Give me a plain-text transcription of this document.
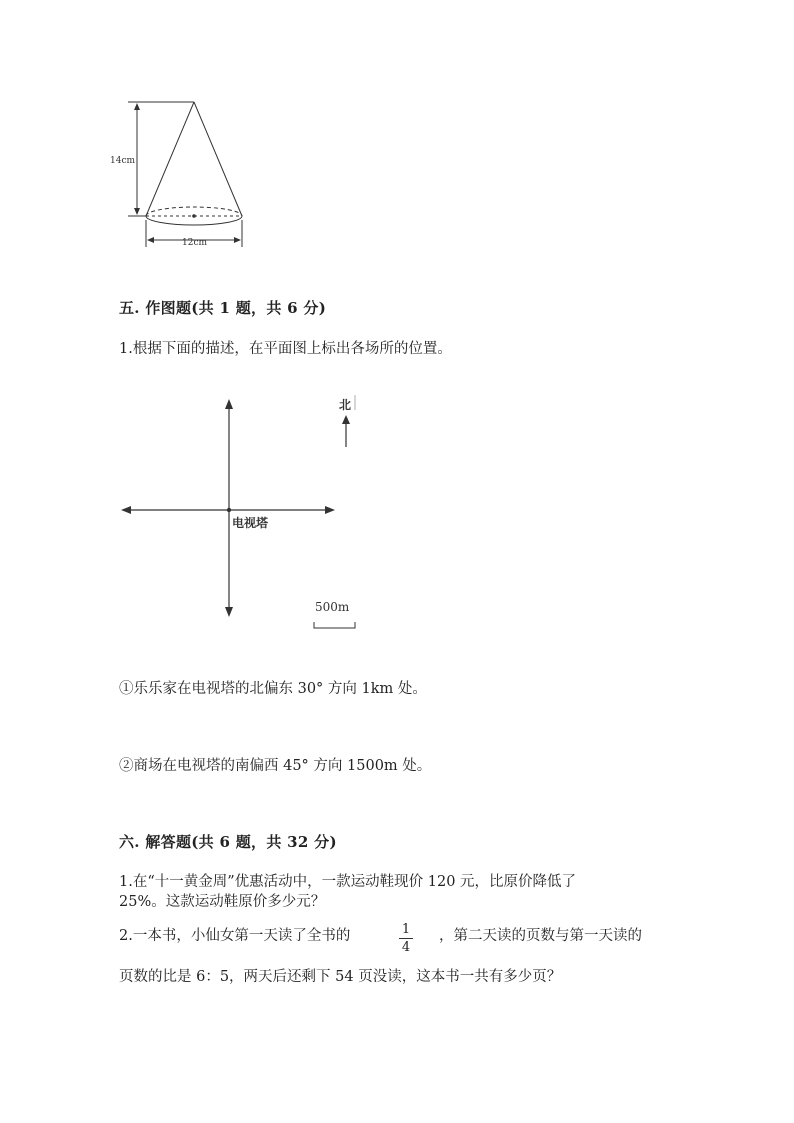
14cm
12cm
五. 作图题(共 1 题，共 6 分)
1.根据下面的描述，在平面图上标出各场所的位置。
电视塔
北
500m
①乐乐家在电视塔的北偏东 30° 方向 1km 处。
②商场在电视塔的南偏西 45° 方向 1500m 处。
六. 解答题(共 6 题，共 32 分)
1.在“十一黄金周”优惠活动中，一款运动鞋现价 120 元，比原价降低了
25%。这款运动鞋原价多少元？
2.一本书，小仙女第一天读了全书的	1
4
，第二天读的页数与第一天读的
页数的比是 6：5，两天后还剩下 54 页没读，这本书一共有多少页？
